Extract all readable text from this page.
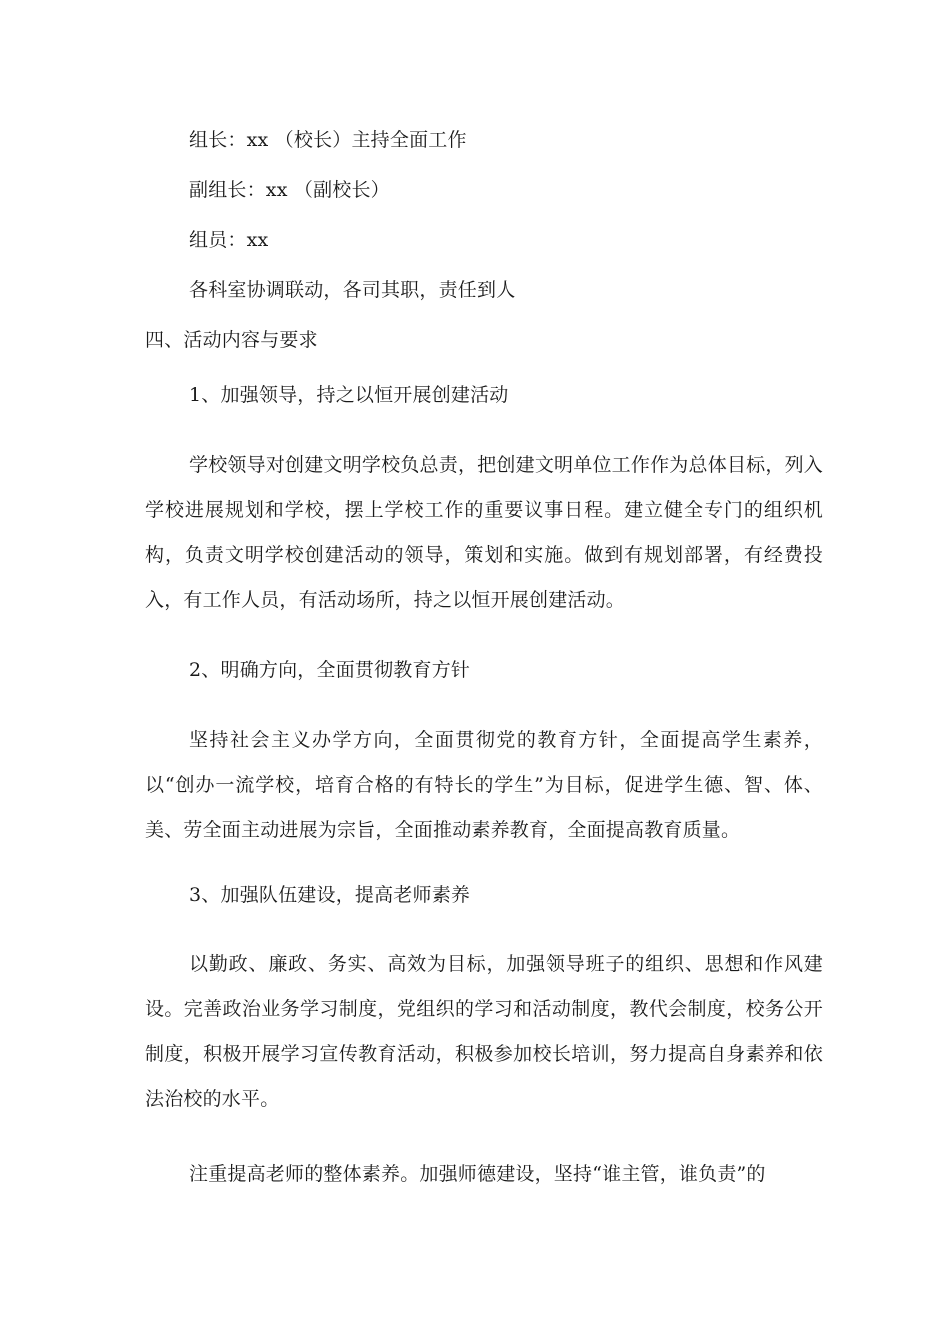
组长：xx （校长）主持全面工作
副组长：xx （副校长）
组员：xx
各科室协调联动，各司其职，责任到人
四、活动内容与要求
1、加强领导，持之以恒开展创建活动
学校领导对创建文明学校负总责，把创建文明单位工作作为总体目标，列入学校进展规划和学校，摆上学校工作的重要议事日程。建立健全专门的组织机构，负责文明学校创建活动的领导，策划和实施。做到有规划部署，有经费投入，有工作人员，有活动场所，持之以恒开展创建活动。
2、明确方向，全面贯彻教育方针
坚持社会主义办学方向，全面贯彻党的教育方针，全面提高学生素养，以“创办一流学校，培育合格的有特长的学生”为目标，促进学生德、智、体、美、劳全面主动进展为宗旨，全面推动素养教育，全面提高教育质量。
3、加强队伍建设，提高老师素养
以勤政、廉政、务实、高效为目标，加强领导班子的组织、思想和作风建设。完善政治业务学习制度，党组织的学习和活动制度，教代会制度，校务公开制度，积极开展学习宣传教育活动，积极参加校长培训，努力提高自身素养和依法治校的水平。
注重提高老师的整体素养。加强师德建设，坚持“谁主管，谁负责”的
